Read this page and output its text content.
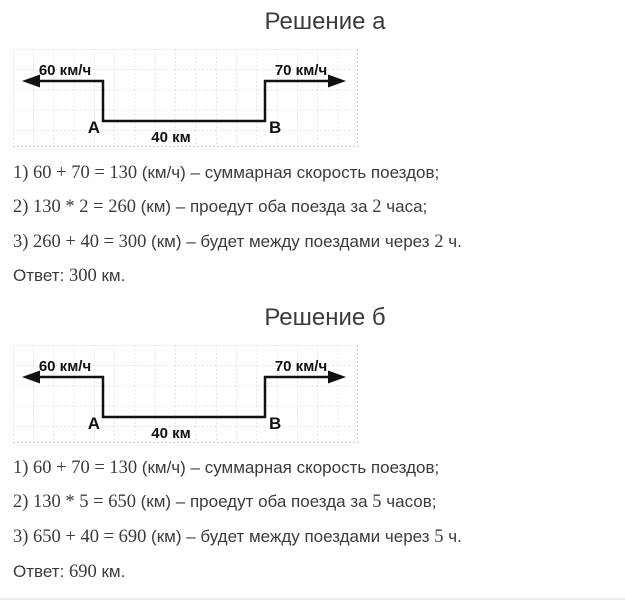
Решение а
60 км/ч	70 км/ч
A	B
40 км
1) 60 + 70 = 130 (км/ч) – суммарная скорость поездов;
2) 130 * 2 = 260 (км) – проедут оба поезда за 2 часа;
3) 260 + 40 = 300 (км) – будет между поездами через 2 ч.
Ответ: 300 км.
Решение б
60 км/ч	70 км/ч
A	B
40 км
1) 60 + 70 = 130 (км/ч) – суммарная скорость поездов;
2) 130 * 5 = 650 (км) – проедут оба поезда за 5 часов;
3) 650 + 40 = 690 (км) – будет между поездами через 5 ч.
Ответ: 690 км.
